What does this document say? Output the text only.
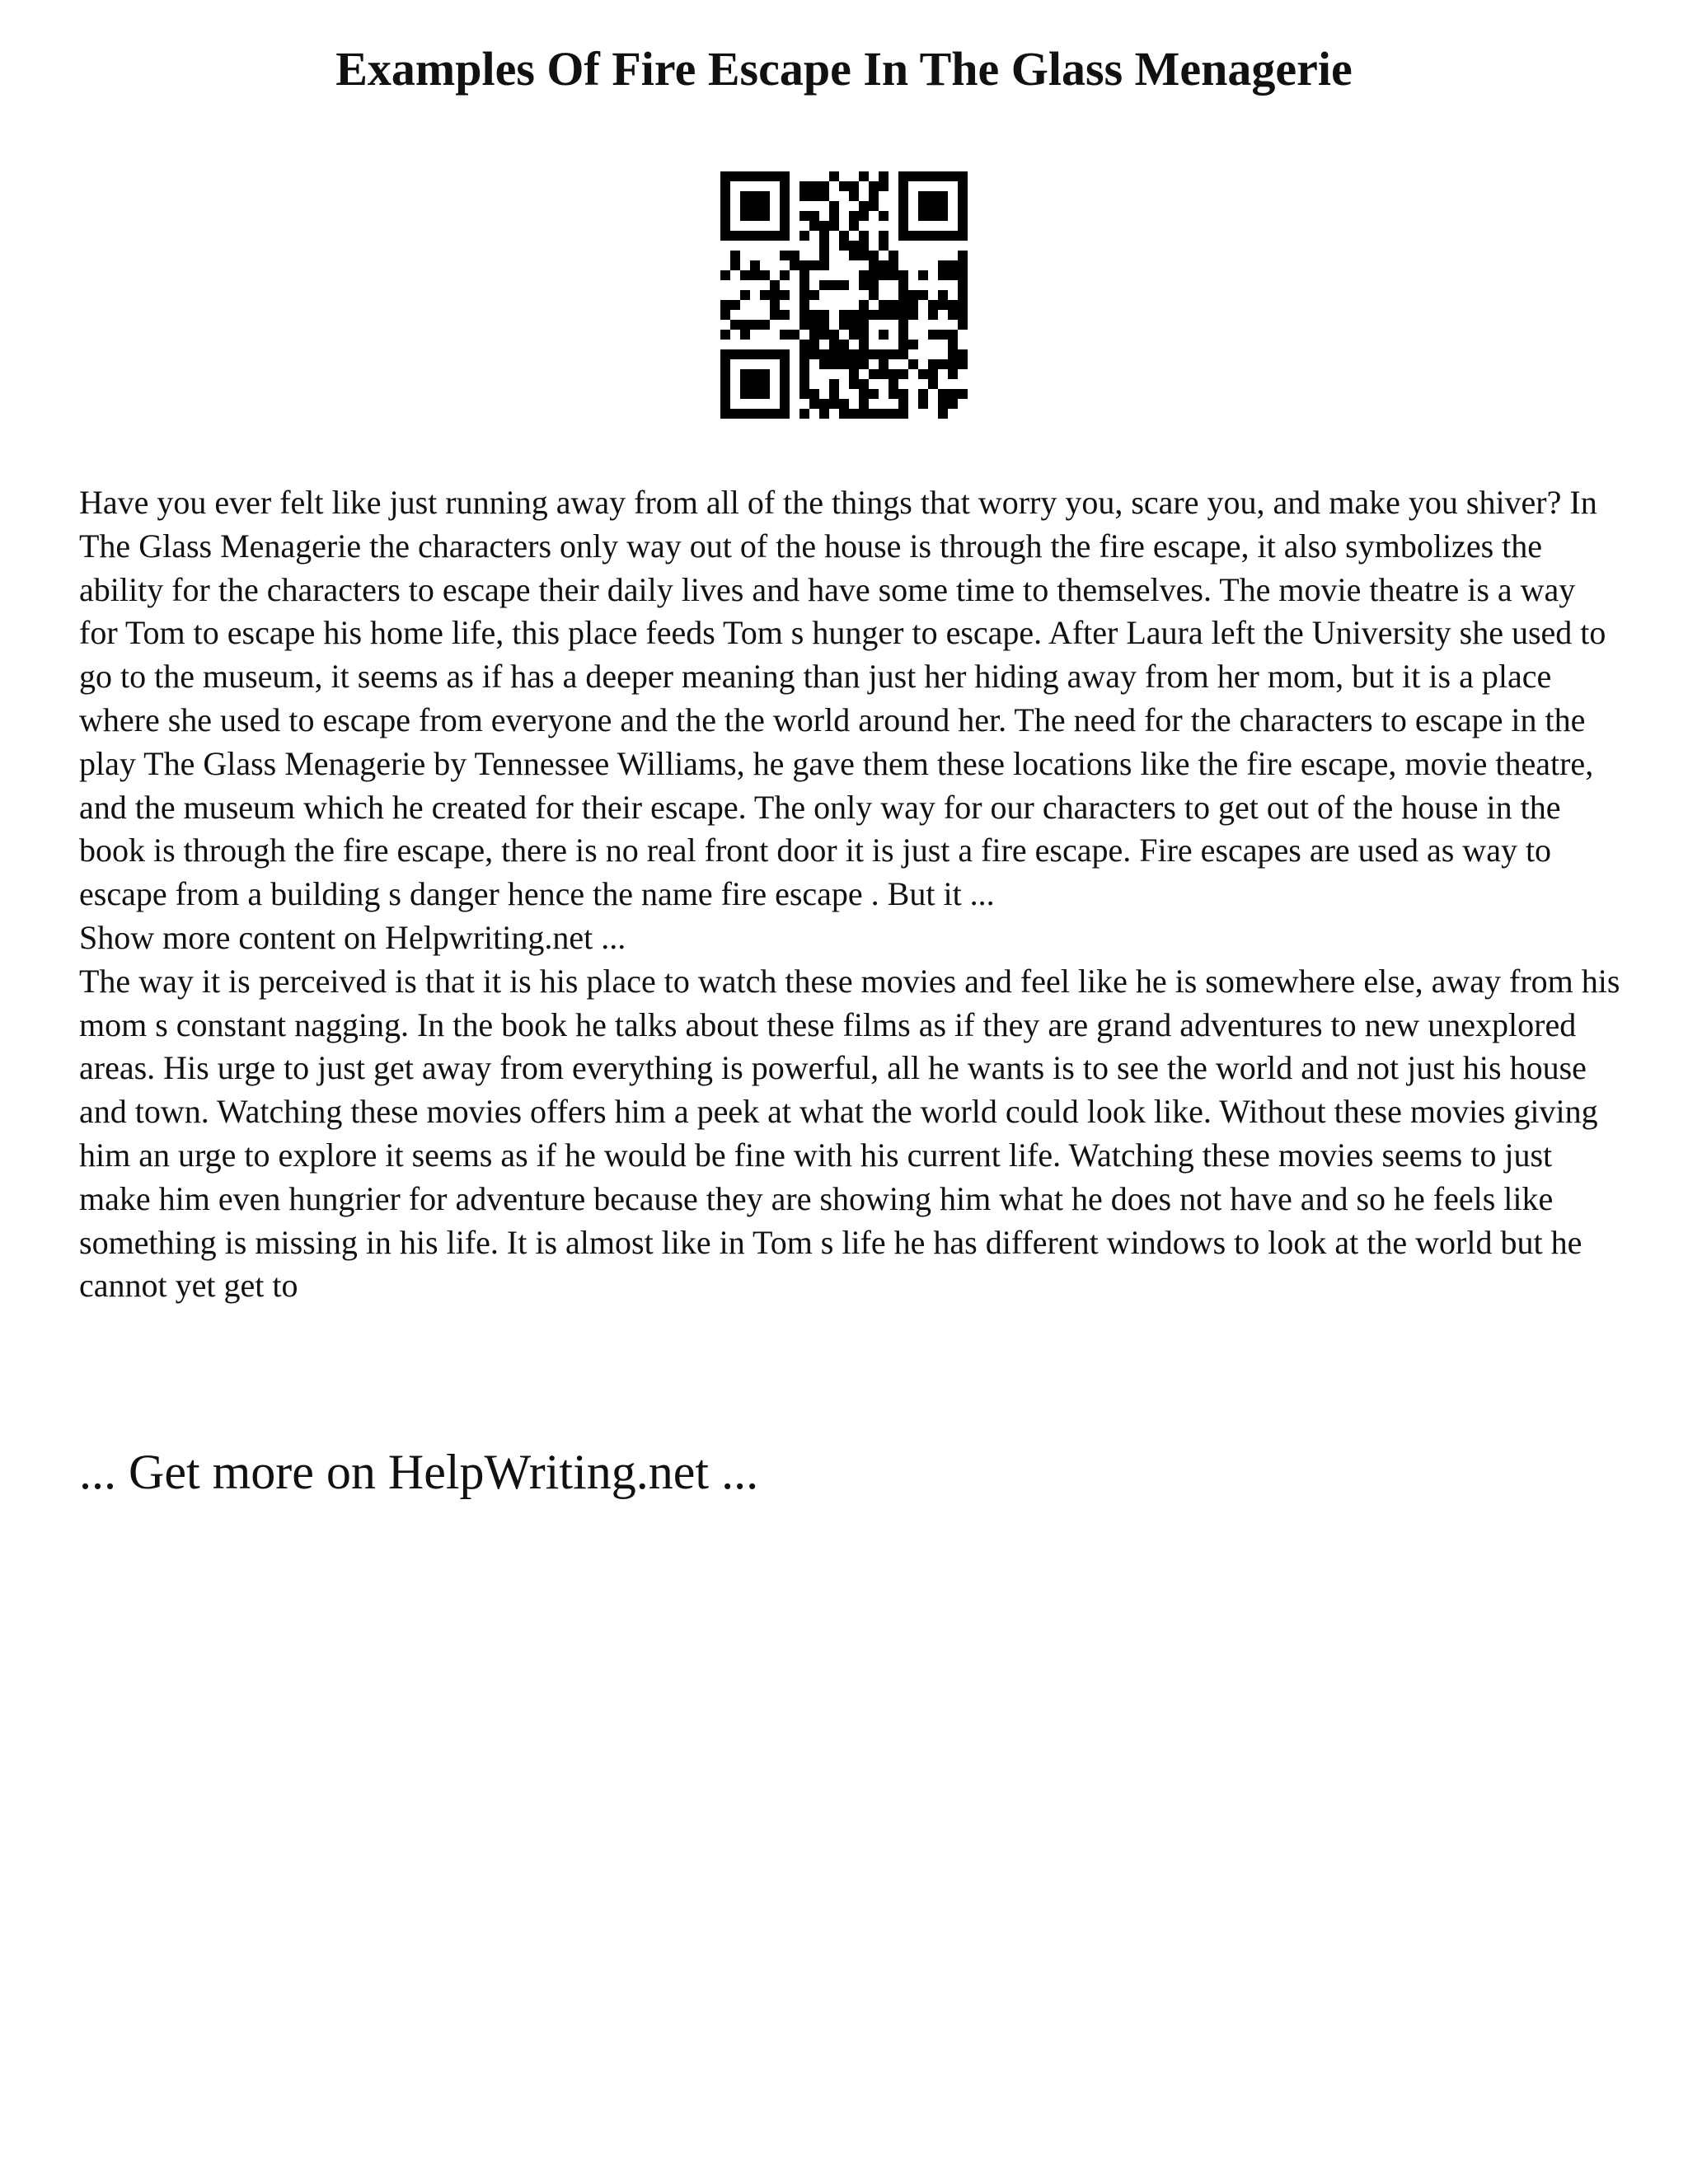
Examples Of Fire Escape In The Glass Menagerie

Have you ever felt like just running away from all of the things that worry you, scare you, and make you shiver? In The Glass Menagerie the characters only way out of the house is through the fire escape, it also symbolizes the ability for the characters to escape their daily lives and have some time to themselves. The movie theatre is a way for Tom to escape his home life, this place feeds Tom s hunger to escape. After Laura left the University she used to go to the museum, it seems as if has a deeper meaning than just her hiding away from her mom, but it is a place where she used to escape from everyone and the the world around her. The need for the characters to escape in the play The Glass Menagerie by Tennessee Williams, he gave them these locations like the fire escape, movie theatre, and the museum which he created for their escape. The only way for our characters to get out of the house in the book is through the fire escape, there is no real front door it is just a fire escape. Fire escapes are used as way to escape from a building s danger hence the name fire escape . But it ...

Show more content on Helpwriting.net ...

The way it is perceived is that it is his place to watch these movies and feel like he is somewhere else, away from his mom s constant nagging. In the book he talks about these films as if they are grand adventures to new unexplored areas. His urge to just get away from everything is powerful, all he wants is to see the world and not just his house and town. Watching these movies offers him a peek at what the world could look like. Without these movies giving him an urge to explore it seems as if he would be fine with his current life. Watching these movies seems to just make him even hungrier for adventure because they are showing him what he does not have and so he feels like something is missing in his life. It is almost like in Tom s life he has different windows to look at the world but he cannot yet get to

... Get more on HelpWriting.net ...
